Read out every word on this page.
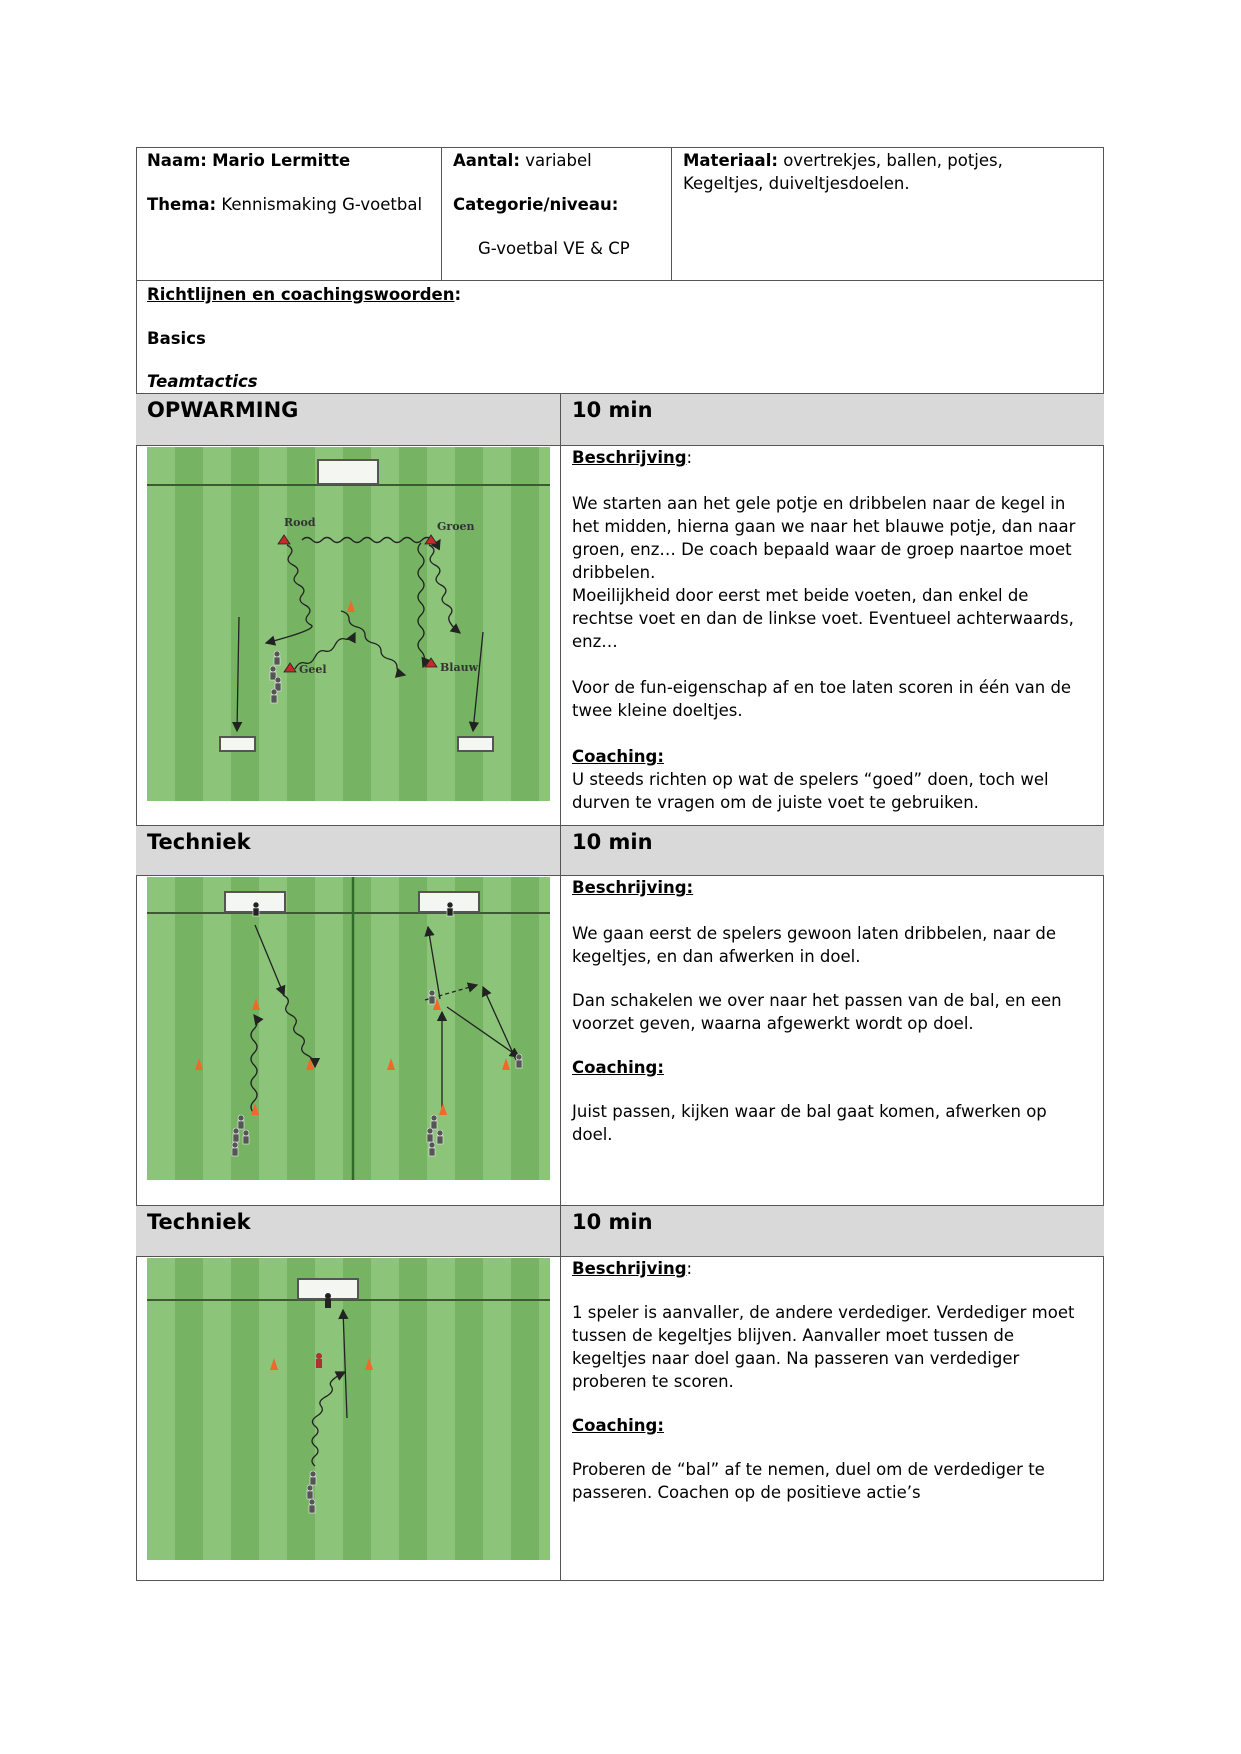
Naam: Mario Lermitte
Thema: Kennismaking G-voetbal
Aantal: variabel
Categorie/niveau:
G-voetbal VE & CP
Materiaal: overtrekjes, ballen, potjes, Kegeltjes, duiveltjesdoelen.
Richtlijnen en coachingswoorden:
Basics
Teamtactics
OPWARMING	10 min
Rood	Groen
Geel	Blauw

Beschrijving:

We starten aan het gele potje en dribbelen naar de kegel in het midden, hierna gaan we naar het blauwe potje, dan naar groen, enz… De coach bepaald waar de groep naartoe moet dribbelen.

Moeilijkheid door eerst met beide voeten, dan enkel de rechtse voet en dan de linkse voet. Eventueel achterwaards, enz…

Voor de fun-eigenschap af en toe laten scoren in één van de twee kleine doeltjes.

Coaching:

U steeds richten op wat de spelers “goed” doen, toch wel durven te vragen om de juiste voet te gebruiken.

Techniek	10 min

Beschrijving:

We gaan eerst de spelers gewoon laten dribbelen, naar de kegeltjes, en dan afwerken in doel.

Dan schakelen we over naar het passen van de bal, en een voorzet geven, waarna afgewerkt wordt op doel.

Coaching:

Juist passen, kijken waar de bal gaat komen, afwerken op doel.

Techniek	10 min

Beschrijving:

1 speler is aanvaller, de andere verdediger. Verdediger moet tussen de kegeltjes blijven. Aanvaller moet tussen de kegeltjes naar doel gaan. Na passeren van verdediger proberen te scoren.

Coaching:

Proberen de “bal” af te nemen, duel om de verdediger te passeren. Coachen op de positieve actie’s
